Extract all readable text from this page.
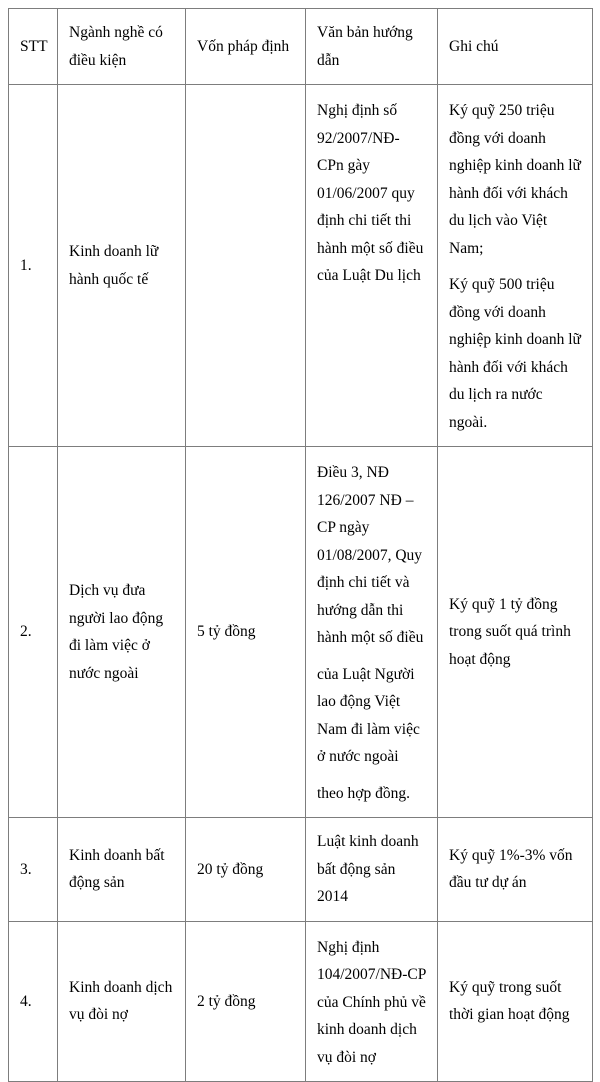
STT	Ngành nghề có điều kiện	Vốn pháp định	Văn bản hướng dẫn	Ghi chú
1.	Kinh doanh lữ hành quốc tế		Nghị định số 92/2007/NĐ-CPn gày 01/06/2007 quy định chi tiết thi hành một số điều của Luật Du lịch	Ký quỹ 250 triệu đồng với doanh nghiệp kinh doanh lữ hành đối với khách du lịch vào Việt Nam;
Ký quỹ 500 triệu đồng với doanh nghiệp kinh doanh lữ hành đối với khách du lịch ra nước ngoài.

2.	Dịch vụ đưa người lao động đi làm việc ở nước ngoài	5 tỷ đồng	Điều 3, NĐ 126/2007 NĐ – CP ngày 01/08/2007, Quy định chi tiết và hướng dẫn thi hành một số điều
của Luật Người lao động Việt Nam đi làm việc ở nước ngoài
theo hợp đồng.	Ký quỹ 1 tỷ đồng trong suốt quá trình hoạt động

3.	Kinh doanh bất động sản	20 tỷ đồng	Luật kinh doanh bất động sản 2014	Ký quỹ 1%-3% vốn đầu tư dự án

4.	Kinh doanh dịch vụ đòi nợ	2 tỷ đồng	Nghị định 104/2007/NĐ-CP của Chính phủ về kinh doanh dịch vụ đòi nợ	Ký quỹ trong suốt thời gian hoạt động
